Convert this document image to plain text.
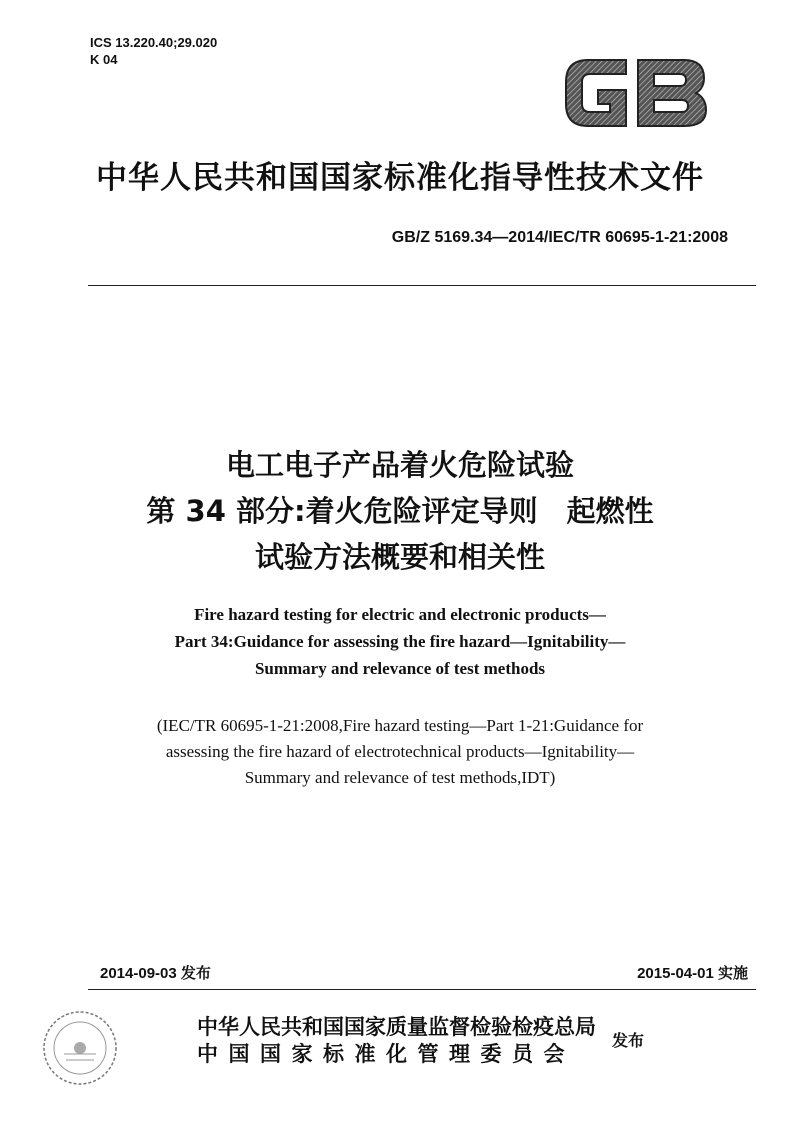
ICS 13.220.40;29.020
K 04
GB
中华人民共和国国家标准化指导性技术文件
GB/Z 5169.34—2014/IEC/TR 60695-1-21:2008
电工电子产品着火危险试验
第 34 部分:着火危险评定导则　起燃性
试验方法概要和相关性
Fire hazard testing for electric and electronic products—
Part 34:Guidance for assessing the fire hazard—Ignitability—
Summary and relevance of test methods
(IEC/TR 60695-1-21:2008,Fire hazard testing—Part 1-21:Guidance for
assessing the fire hazard of electrotechnical products—Ignitability—
Summary and relevance of test methods,IDT)
2014-09-03 发布	2015-04-01 实施
中华人民共和国国家质量监督检验检疫总局
中国国家标准化管理委员会
发布
